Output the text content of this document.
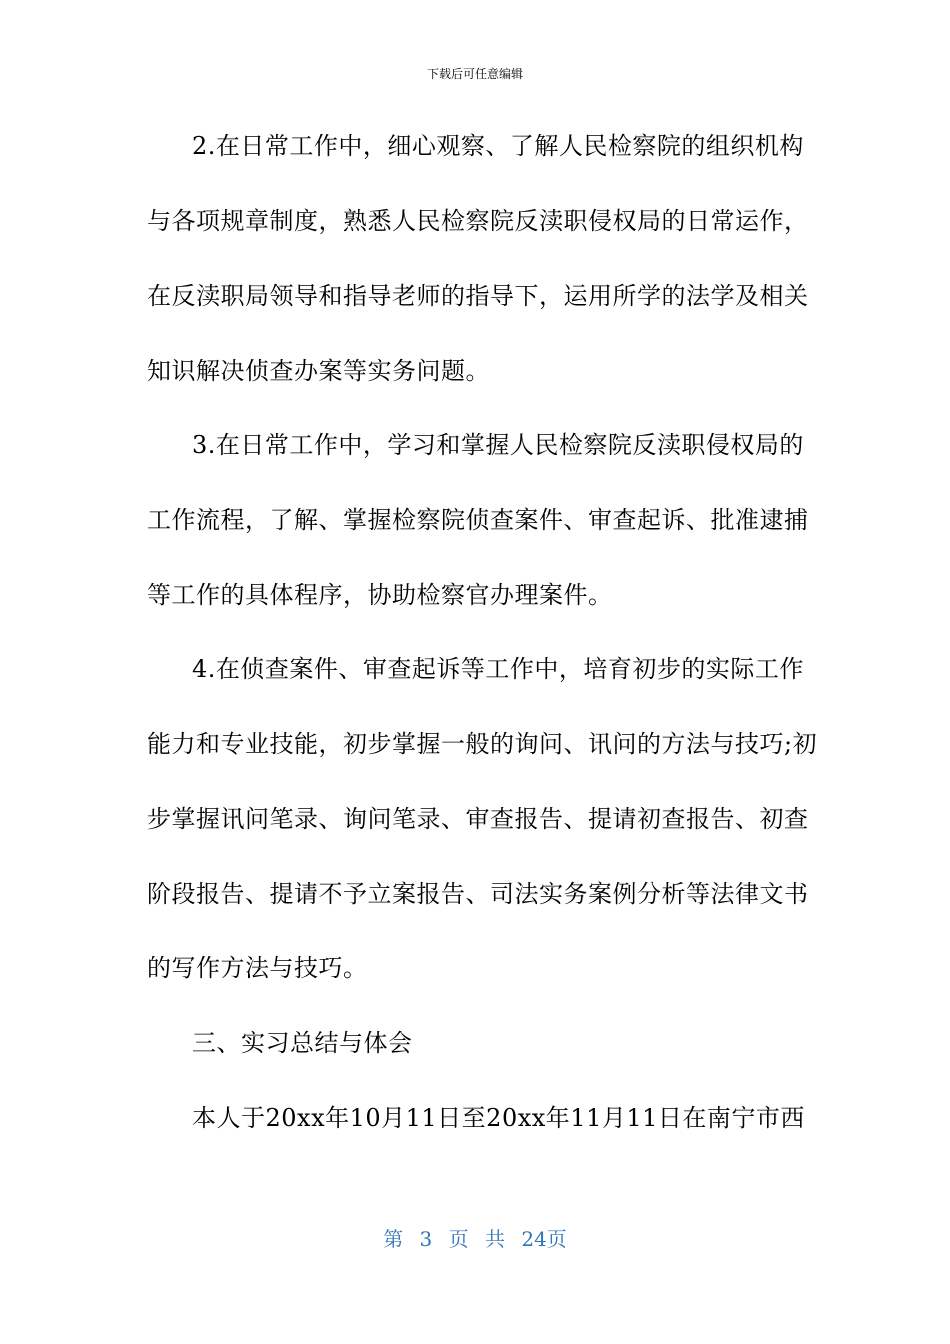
下载后可任意编辑
2.在日常工作中，细心观察、了解人民检察院的组织机构
与各项规章制度，熟悉人民检察院反渎职侵权局的日常运作，
在反渎职局领导和指导老师的指导下，运用所学的法学及相关
知识解决侦查办案等实务问题。
3.在日常工作中，学习和掌握人民检察院反渎职侵权局的
工作流程，了解、掌握检察院侦查案件、审查起诉、批准逮捕
等工作的具体程序，协助检察官办理案件。
4.在侦查案件、审查起诉等工作中，培育初步的实际工作
能力和专业技能，初步掌握一般的询问、讯问的方法与技巧;初
步掌握讯问笔录、询问笔录、审查报告、提请初查报告、初查
阶段报告、提请不予立案报告、司法实务案例分析等法律文书
的写作方法与技巧。
三、实习总结与体会
本人于20xx年10月11日至20xx年11月11日在南宁市西
第 3 页 共 24页
